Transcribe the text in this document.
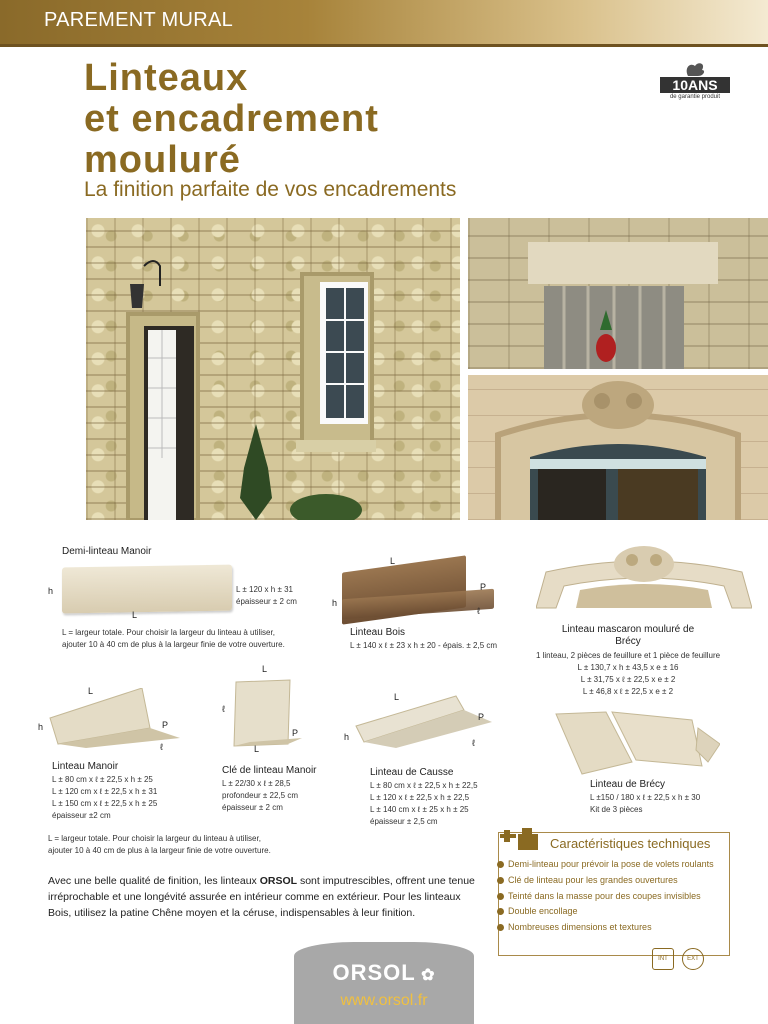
PAREMENT MURAL
Linteaux
et encadrement
mouluré
La finition parfaite de vos encadrements
10ANS
de garantie produit
Demi-linteau Manoir
h
L
L ± 120 x h ± 31
épaisseur ± 2 cm
L = largeur totale. Pour choisir la largeur du linteau à utiliser,
ajouter 10 à 40 cm de plus à la largeur finie de votre ouverture.
L
h
P
ℓ
Linteau Bois
L ± 140 x ℓ ± 23 x h ± 20 - épais. ± 2,5 cm
Linteau mascaron mouluré de Brécy
1 linteau, 2 pièces de feuillure et 1 pièce de feuillure
L ± 130,7 x h ± 43,5 x e ± 16
L ± 31,75 x ℓ ± 22,5 x e ± 2
L ± 46,8 x ℓ ± 22,5 x e ± 2
L
h	P
ℓ
Linteau Manoir
L ± 80 cm x ℓ ± 22,5 x h ± 25
L ± 120 cm x ℓ ± 22,5 x h ± 31
L ± 150 cm x ℓ ± 22,5 x h ± 25
épaisseur ±2 cm
L
ℓ
P
L
Clé de linteau Manoir
L ± 22/30 x ℓ ± 28,5
profondeur ± 22,5 cm
épaisseur ± 2 cm
L
h
P
ℓ
Linteau de Causse
L ± 80 cm x ℓ ± 22,5 x h ± 22,5
L ± 120 x ℓ ± 22,5 x h ± 22,5
L ± 140 cm x ℓ ± 25 x h ± 25
épaisseur ± 2,5 cm
Linteau de Brécy
L ±150 / 180 x ℓ ± 22,5 x h ± 30
Kit de 3 pièces
L = largeur totale. Pour choisir la largeur du linteau à utiliser,
ajouter 10 à 40 cm de plus à la largeur finie de votre ouverture.
Avec une belle qualité de finition, les linteaux ORSOL sont imputrescibles, offrent une tenue irréprochable et une longévité assurée en intérieur comme en extérieur. Pour les linteaux Bois, utilisez la patine Chêne moyen et la céruse, indispensables à leur finition.
Caractéristiques techniques
Demi-linteau pour prévoir la pose de volets roulants
Clé de linteau pour les grandes ouvertures
Teinté dans la masse pour des coupes invisibles
Double encollage
Nombreuses dimensions et textures
INT	EXT
ORSOL ✿
www.orsol.fr
